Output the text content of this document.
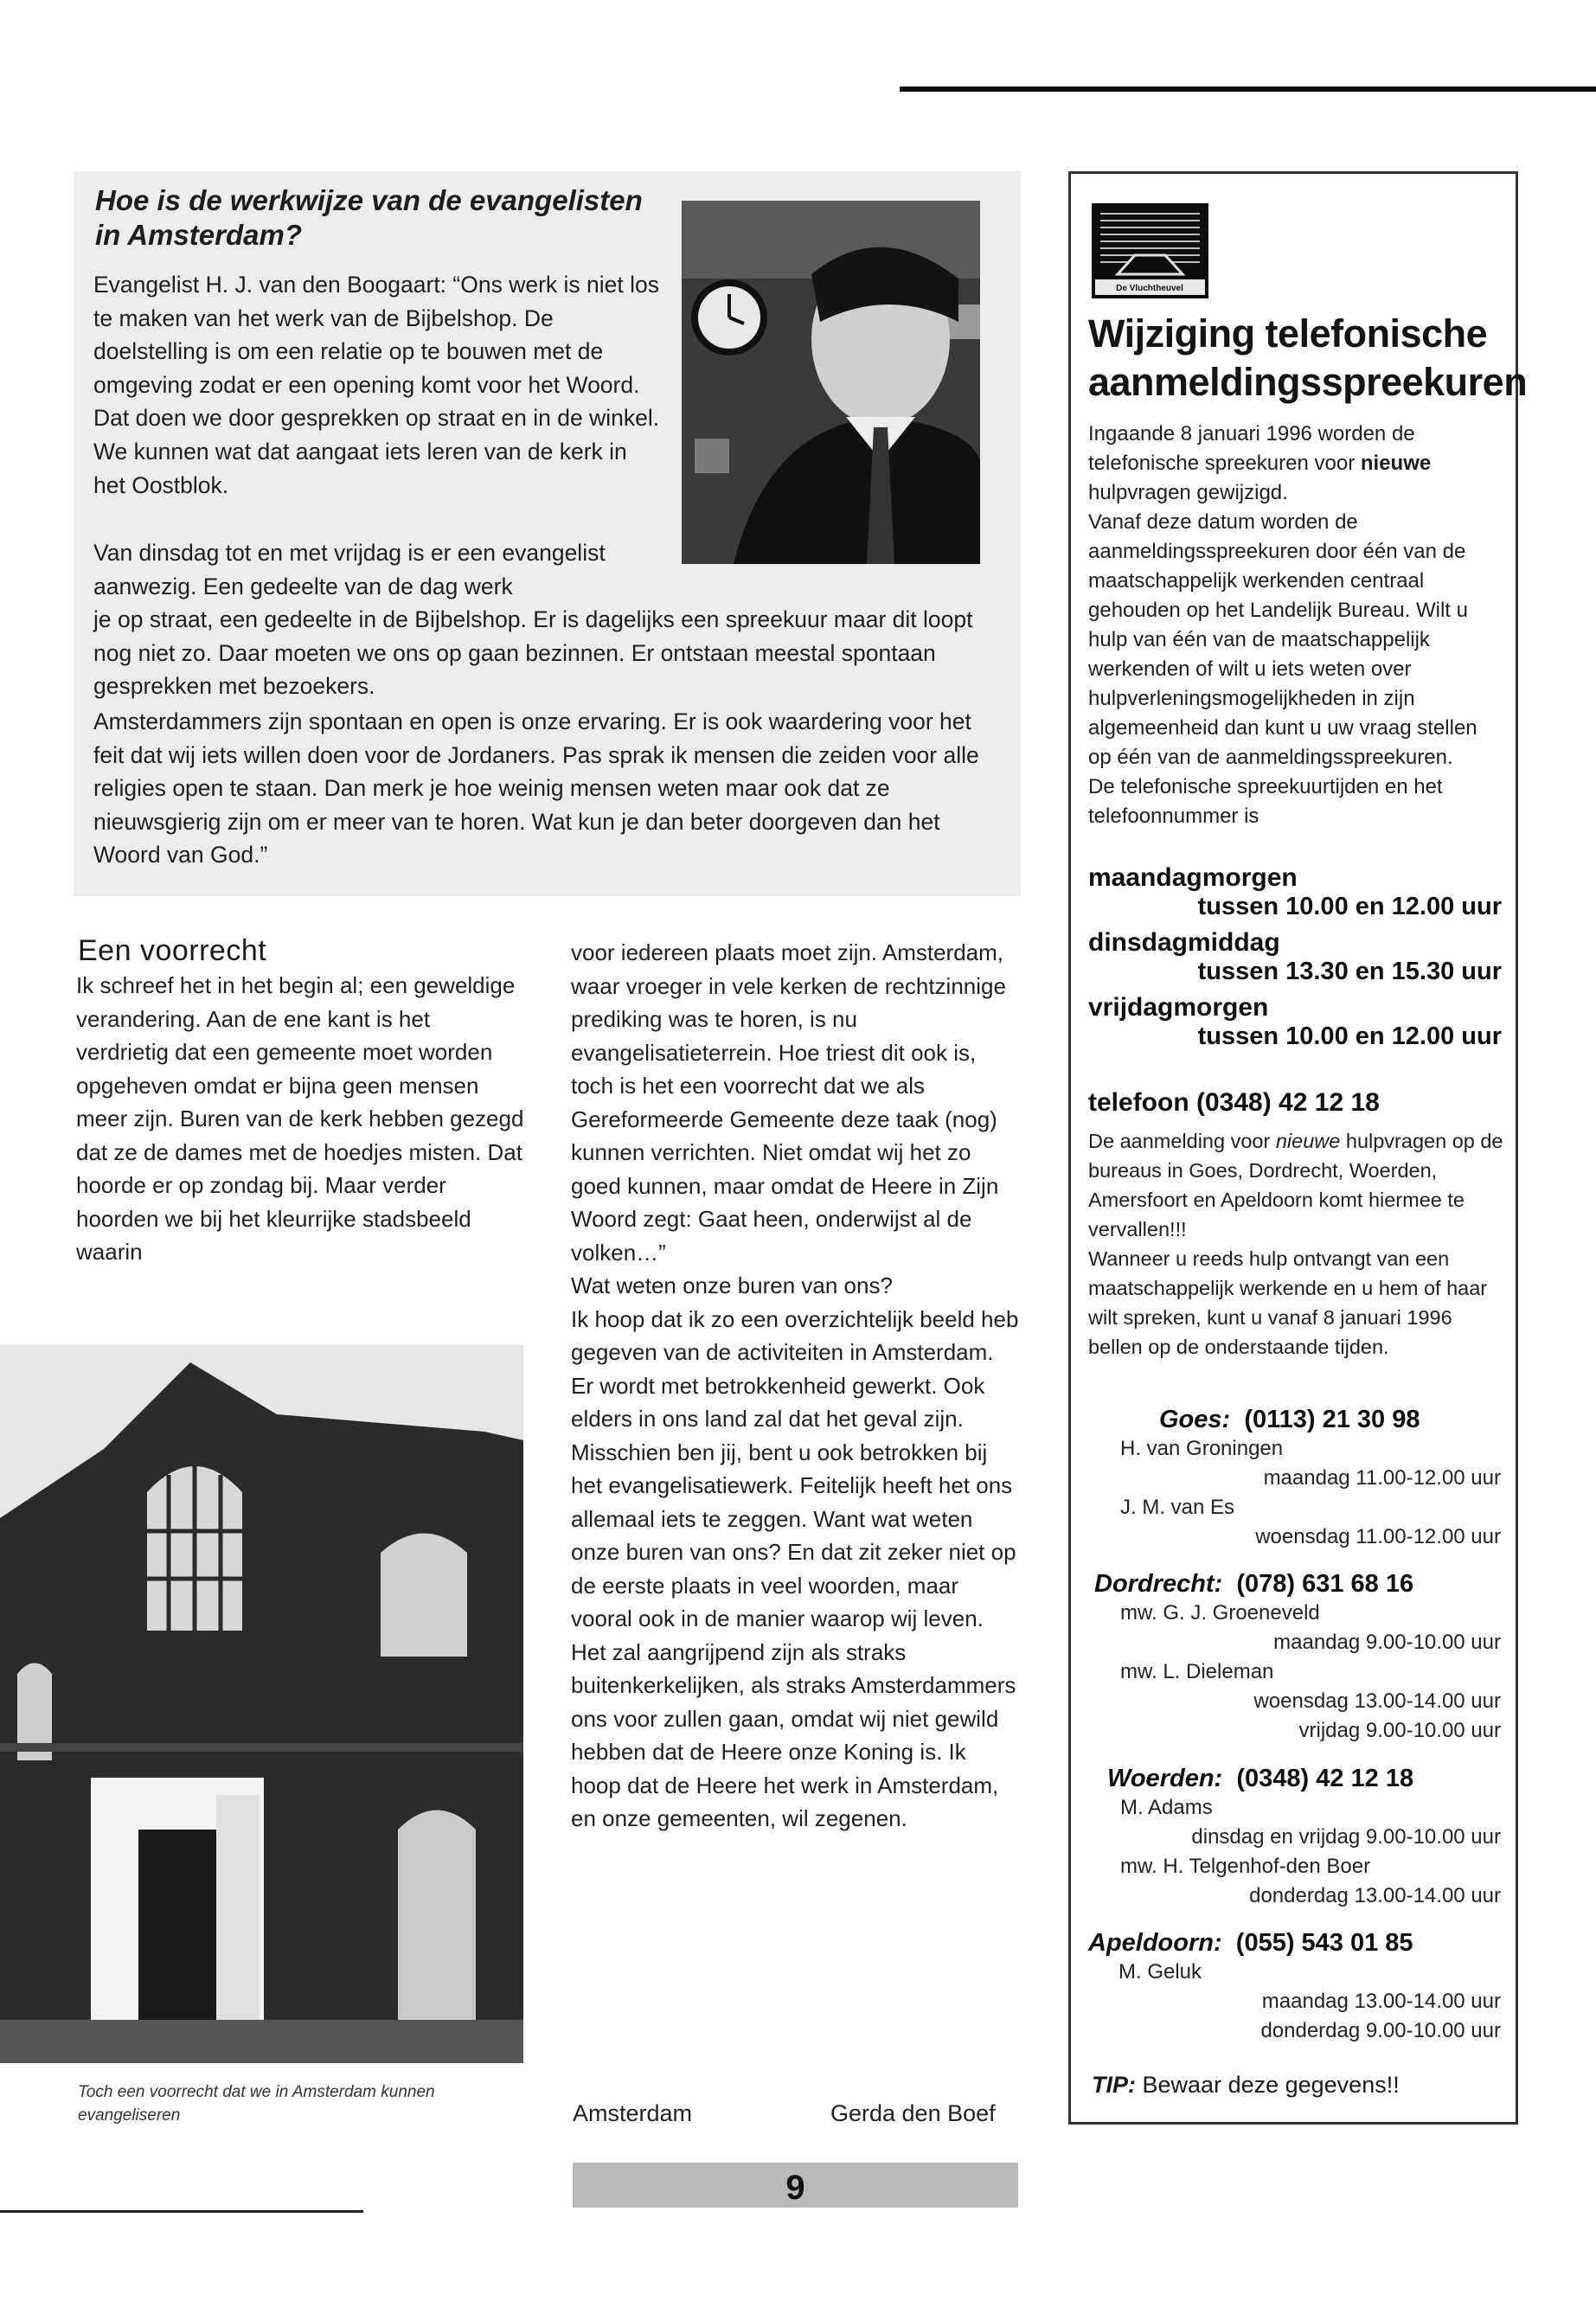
Hoe is de werkwijze van de evangelisten in Amsterdam?
Evangelist H. J. van den Boogaart: “Ons werk is niet los te maken van het werk van de Bijbelshop. De doelstelling is om een relatie op te bouwen met de omgeving zodat er een opening komt voor het Woord. Dat doen we door gesprekken op straat en in de winkel. We kunnen wat dat aangaat iets leren van de kerk in het Oostblok.
Van dinsdag tot en met vrijdag is er een evangelist aanwezig. Een gedeelte van de dag werk
je op straat, een gedeelte in de Bijbelshop. Er is dagelijks een spreekuur maar dit loopt nog niet zo. Daar moeten we ons op gaan bezinnen. Er ontstaan meestal spontaan gesprekken met bezoekers.
Amsterdammers zijn spontaan en open is onze ervaring. Er is ook waardering voor het feit dat wij iets willen doen voor de Jordaners. Pas sprak ik mensen die zeiden voor alle religies open te staan. Dan merk je hoe weinig mensen weten maar ook dat ze nieuwsgierig zijn om er meer van te horen. Wat kun je dan beter doorgeven dan het Woord van God.”
Een voorrecht
Ik schreef het in het begin al; een geweldige verandering. Aan de ene kant is het verdrietig dat een gemeente moet worden opgeheven omdat er bijna geen mensen meer zijn. Buren van de kerk hebben gezegd dat ze de dames met de hoedjes misten. Dat hoorde er op zondag bij. Maar verder hoorden we bij het kleurrijke stadsbeeld waarin
voor iedereen plaats moet zijn. Amsterdam, waar vroeger in vele kerken de rechtzinnige prediking was te horen, is nu evangelisatieterrein. Hoe triest dit ook is, toch is het een voorrecht dat we als Gereformeerde Gemeente deze taak (nog) kunnen verrichten. Niet omdat wij het zo goed kunnen, maar omdat de Heere in Zijn Woord zegt: Gaat heen, onderwijst al de volken…”
Wat weten onze buren van ons?
Ik hoop dat ik zo een overzichtelijk beeld heb gegeven van de activiteiten in Amsterdam. Er wordt met betrokkenheid gewerkt. Ook elders in ons land zal dat het geval zijn. Misschien ben jij, bent u ook betrokken bij het evangelisatiewerk. Feitelijk heeft het ons allemaal iets te zeggen. Want wat weten onze buren van ons? En dat zit zeker niet op de eerste plaats in veel woorden, maar vooral ook in de manier waarop wij leven.
Het zal aangrijpend zijn als straks buitenkerkelijken, als straks Amsterdammers ons voor zullen gaan, omdat wij niet gewild hebben dat de Heere onze Koning is. Ik hoop dat de Heere het werk in Amsterdam, en onze gemeenten, wil zegenen.
Toch een voorrecht dat we in Amsterdam kunnen evangeliseren	Amsterdam	Gerda den Boef
9
De Vluchtheuvel
Wijziging telefonische aanmeldingsspreekuren
Ingaande 8 januari 1996 worden de telefonische spreekuren voor nieuwe hulpvragen gewijzigd.
Vanaf deze datum worden de aanmeldingsspreekuren door één van de maatschappelijk werkenden centraal gehouden op het Landelijk Bureau. Wilt u hulp van één van de maatschappelijk werkenden of wilt u iets weten over hulpverleningsmogelijkheden in zijn algemeenheid dan kunt u uw vraag stellen op één van de aanmeldingsspreekuren.
De telefonische spreekuurtijden en het telefoonnummer is
maandagmorgen
tussen 10.00 en 12.00 uur
dinsdagmiddag
tussen 13.30 en 15.30 uur
vrijdagmorgen
tussen 10.00 en 12.00 uur
telefoon (0348) 42 12 18
De aanmelding voor nieuwe hulpvragen op de bureaus in Goes, Dordrecht, Woerden, Amersfoort en Apeldoorn komt hiermee te vervallen!!!
Wanneer u reeds hulp ontvangt van een maatschappelijk werkende en u hem of haar wilt spreken, kunt u vanaf 8 januari 1996 bellen op de onderstaande tijden.
Goes: (0113) 21 30 98
H. van Groningen
maandag 11.00-12.00 uur
J. M. van Es
woensdag 11.00-12.00 uur
Dordrecht: (078) 631 68 16
mw. G. J. Groeneveld
maandag 9.00-10.00 uur
mw. L. Dieleman
woensdag 13.00-14.00 uur
vrijdag 9.00-10.00 uur
Woerden: (0348) 42 12 18
M. Adams
dinsdag en vrijdag 9.00-10.00 uur
mw. H. Telgenhof-den Boer
donderdag 13.00-14.00 uur
Apeldoorn: (055) 543 01 85
M. Geluk
maandag 13.00-14.00 uur
donderdag 9.00-10.00 uur
TIP: Bewaar deze gegevens!!
